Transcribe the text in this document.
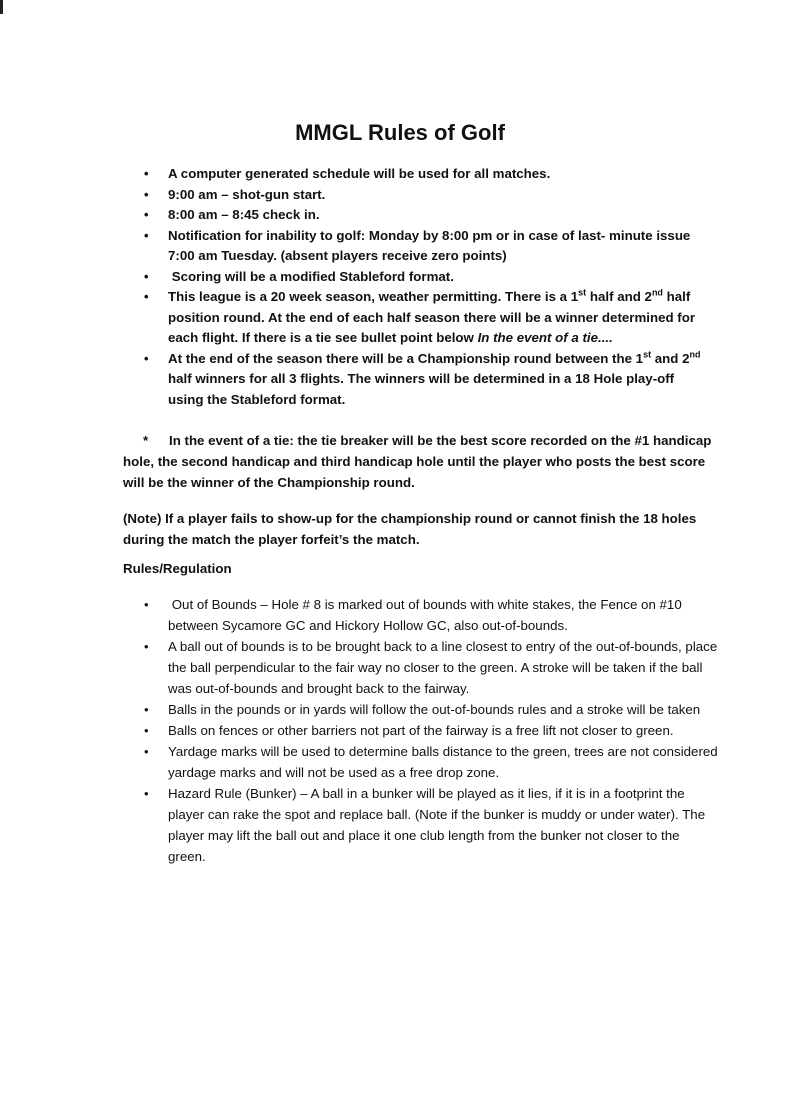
MMGL Rules of Golf
• A computer generated schedule will be used for all matches.
• 9:00 am – shot-gun start.
• 8:00 am – 8:45 check in.
• Notification for inability to golf: Monday by 8:00 pm or in case of last- minute issue 7:00 am Tuesday. (absent players receive zero points)
• Scoring will be a modified Stableford format.
• This league is a 20 week season, weather permitting. There is a 1st half and 2nd half position round. At the end of each half season there will be a winner determined for each flight. If there is a tie see bullet point below In the event of a tie....
• At the end of the season there will be a Championship round between the 1st and 2nd half winners for all 3 flights. The winners will be determined in a 18 Hole play-off using the Stableford format.

* In the event of a tie: the tie breaker will be the best score recorded on the #1 handicap hole, the second handicap and third handicap hole until the player who posts the best score will be the winner of the Championship round.

(Note) If a player fails to show-up for the championship round or cannot finish the 18 holes during the match the player forfeit’s the match.

Rules/Regulation
• Out of Bounds – Hole # 8 is marked out of bounds with white stakes, the Fence on #10 between Sycamore GC and Hickory Hollow GC, also out-of-bounds.
• A ball out of bounds is to be brought back to a line closest to entry of the out-of-bounds, place the ball perpendicular to the fair way no closer to the green. A stroke will be taken if the ball was out-of-bounds and brought back to the fairway.
• Balls in the pounds or in yards will follow the out-of-bounds rules and a stroke will be taken
• Balls on fences or other barriers not part of the fairway is a free lift not closer to green.
• Yardage marks will be used to determine balls distance to the green, trees are not considered yardage marks and will not be used as a free drop zone.
• Hazard Rule (Bunker) – A ball in a bunker will be played as it lies, if it is in a footprint the player can rake the spot and replace ball. (Note if the bunker is muddy or under water). The player may lift the ball out and place it one club length from the bunker not closer to the green.
